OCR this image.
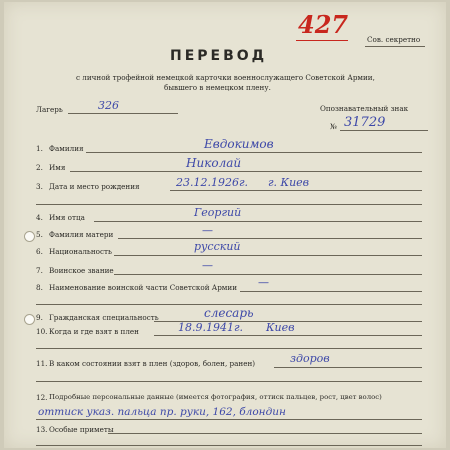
427
Сов. секретно
ПЕРЕВОД
с личной трофейной немецкой карточки военнослужащего Советской Армии,
бывшего в немецком плену.
Лагерь	326	Опознавательный знак
№ 31729
1. Фамилия	Евдокимов
2. Имя	Николай
3. Дата и место рождения	23.12.1926г. г. Киев
4. Имя отца	Георгий
5. Фамилия матери	—
6. Национальность	русский
7. Воинское звание	—
8. Наименование воинской части Советской Армии —
9. Гражданская специальность	слесарь
10. Когда и где взят в плен	18.9.1941г. Киев
11. В каком состоянии взят в плен (здоров, болен, ранен)	здоров
12. Подробные персональные данные (имеется фотография, оттиск пальцев, рост, цвет волос)
оттиск указ. пальца пр. руки, 162, блондин
13. Особые приметы
